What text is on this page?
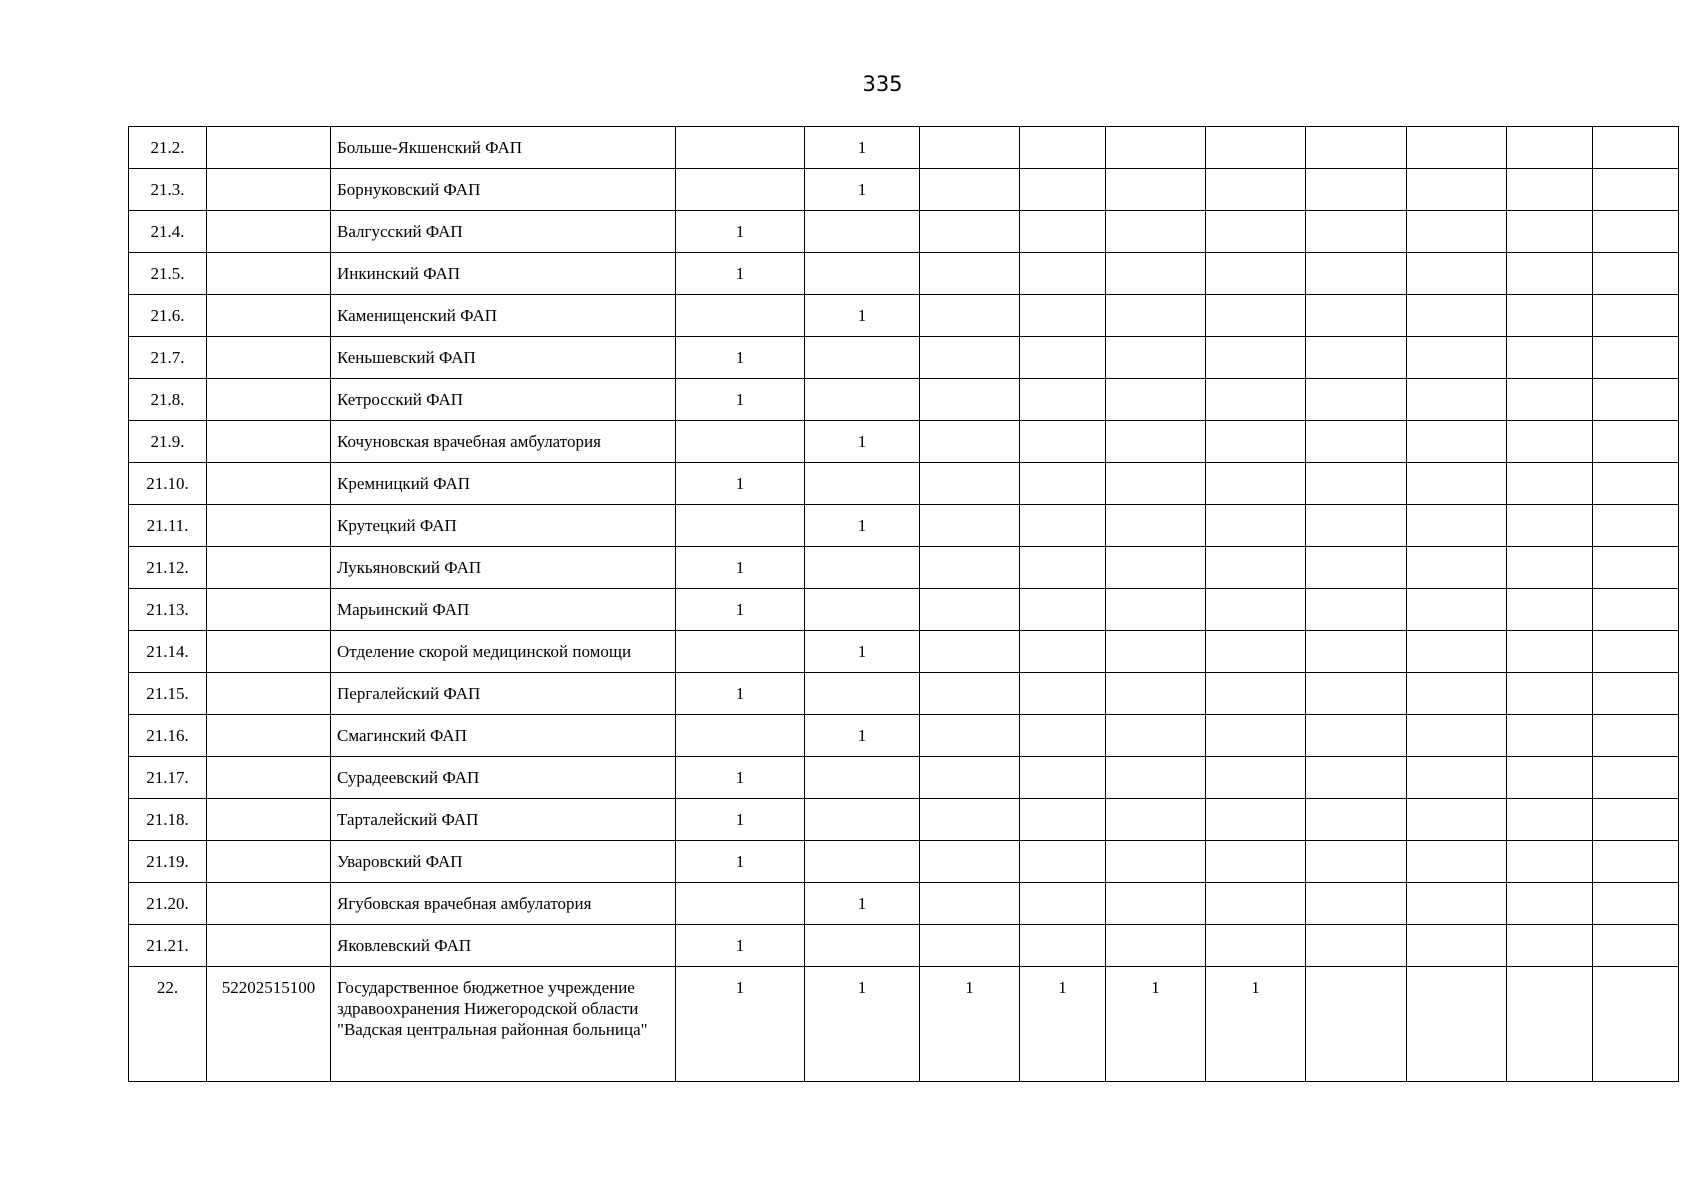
335
21.2.		Больше-Якшенский ФАП		1								
21.3.		Борнуковский ФАП		1								
21.4.		Валгусский ФАП	1									
21.5.		Инкинский ФАП	1									
21.6.		Каменищенский ФАП		1								
21.7.		Кеньшевский ФАП	1									
21.8.		Кетросский ФАП	1									
21.9.		Кочуновская врачебная амбулатория		1								
21.10.		Кремницкий ФАП	1									
21.11.		Крутецкий ФАП		1								
21.12.		Лукьяновский ФАП	1									
21.13.		Марьинский ФАП	1									
21.14.		Отделение скорой медицинской помощи		1								
21.15.		Пергалейский ФАП	1									
21.16.		Смагинский ФАП		1								
21.17.		Сурадеевский ФАП	1									
21.18.		Тарталейский ФАП	1									
21.19.		Уваровский ФАП	1									
21.20.		Ягубовская врачебная амбулатория		1								
21.21.		Яковлевский ФАП	1									
22.	52202515100	Государственное бюджетное учреждение здравоохранения Нижегородской области "Вадская центральная районная больница"	1	1	1	1	1	1				
